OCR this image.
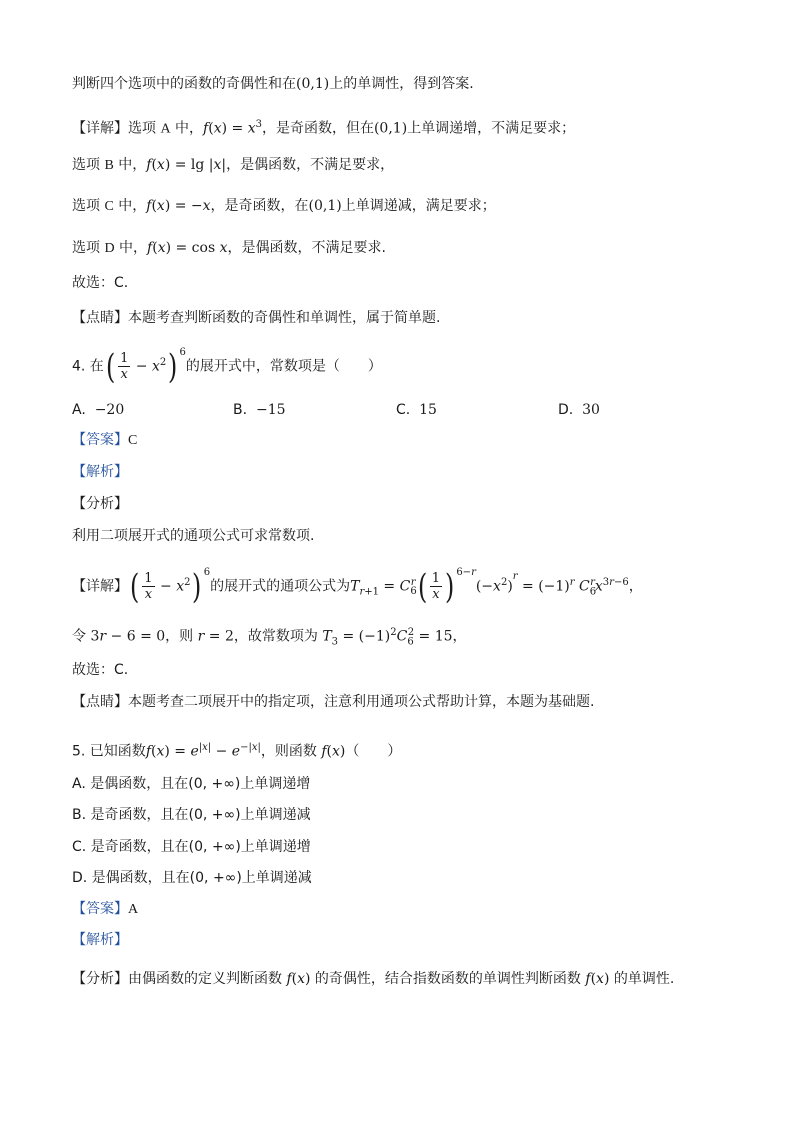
判断四个选项中的函数的奇偶性和在(0,1)上的单调性，得到答案.
【详解】选项 A 中，$f(x) = x^3$，是奇函数，但在(0,1)上单调递增，不满足要求；
选项 B 中，f(x) = lg |x|，是偶函数，不满足要求，
选项 C 中，f(x) = −x，是奇函数，在(0,1)上单调递减，满足要求；
选项 D 中，f(x) = cos x，是偶函数，不满足要求.
故选：C.
【点睛】本题考查判断函数的奇偶性和单调性，属于简单题.
4. 在( $\frac{1}{x} - x^2$) $^6$的展开式中，常数项是（　　）
A. −20	B. −15	C. 15	D. 30
【答案】C
【解析】
【分析】
利用二项展开式的通项公式可求常数项.
【详解】( $\frac{1}{x} - x^2$) $^6$的展开式的通项公式为$T_{r+1} = C_6^r( \frac{1}{x}$ ) $^{6-r}(-x^2)^r = (-1)^r$ $C_6^rx^{3r-6}$，
令 3r − 6 = 0，则 r = 2，故常数项为 $T_3 = (-1)^2C_6^2 = 15$，
故选：C.
【点睛】本题考查二项展开中的指定项，注意利用通项公式帮助计算，本题为基础题.
5. 已知函数$f(x) = e^{|x|} - e^{-|x|}$，则函数 f(x)（　　）
A. 是偶函数，且在(0, +∞)上单调递增
B. 是奇函数，且在(0, +∞)上单调递减
C. 是奇函数，且在(0, +∞)上单调递增
D. 是偶函数，且在(0, +∞)上单调递减
【答案】A
【解析】
【分析】由偶函数的定义判断函数 f(x) 的奇偶性，结合指数函数的单调性判断函数 f(x) 的单调性.
